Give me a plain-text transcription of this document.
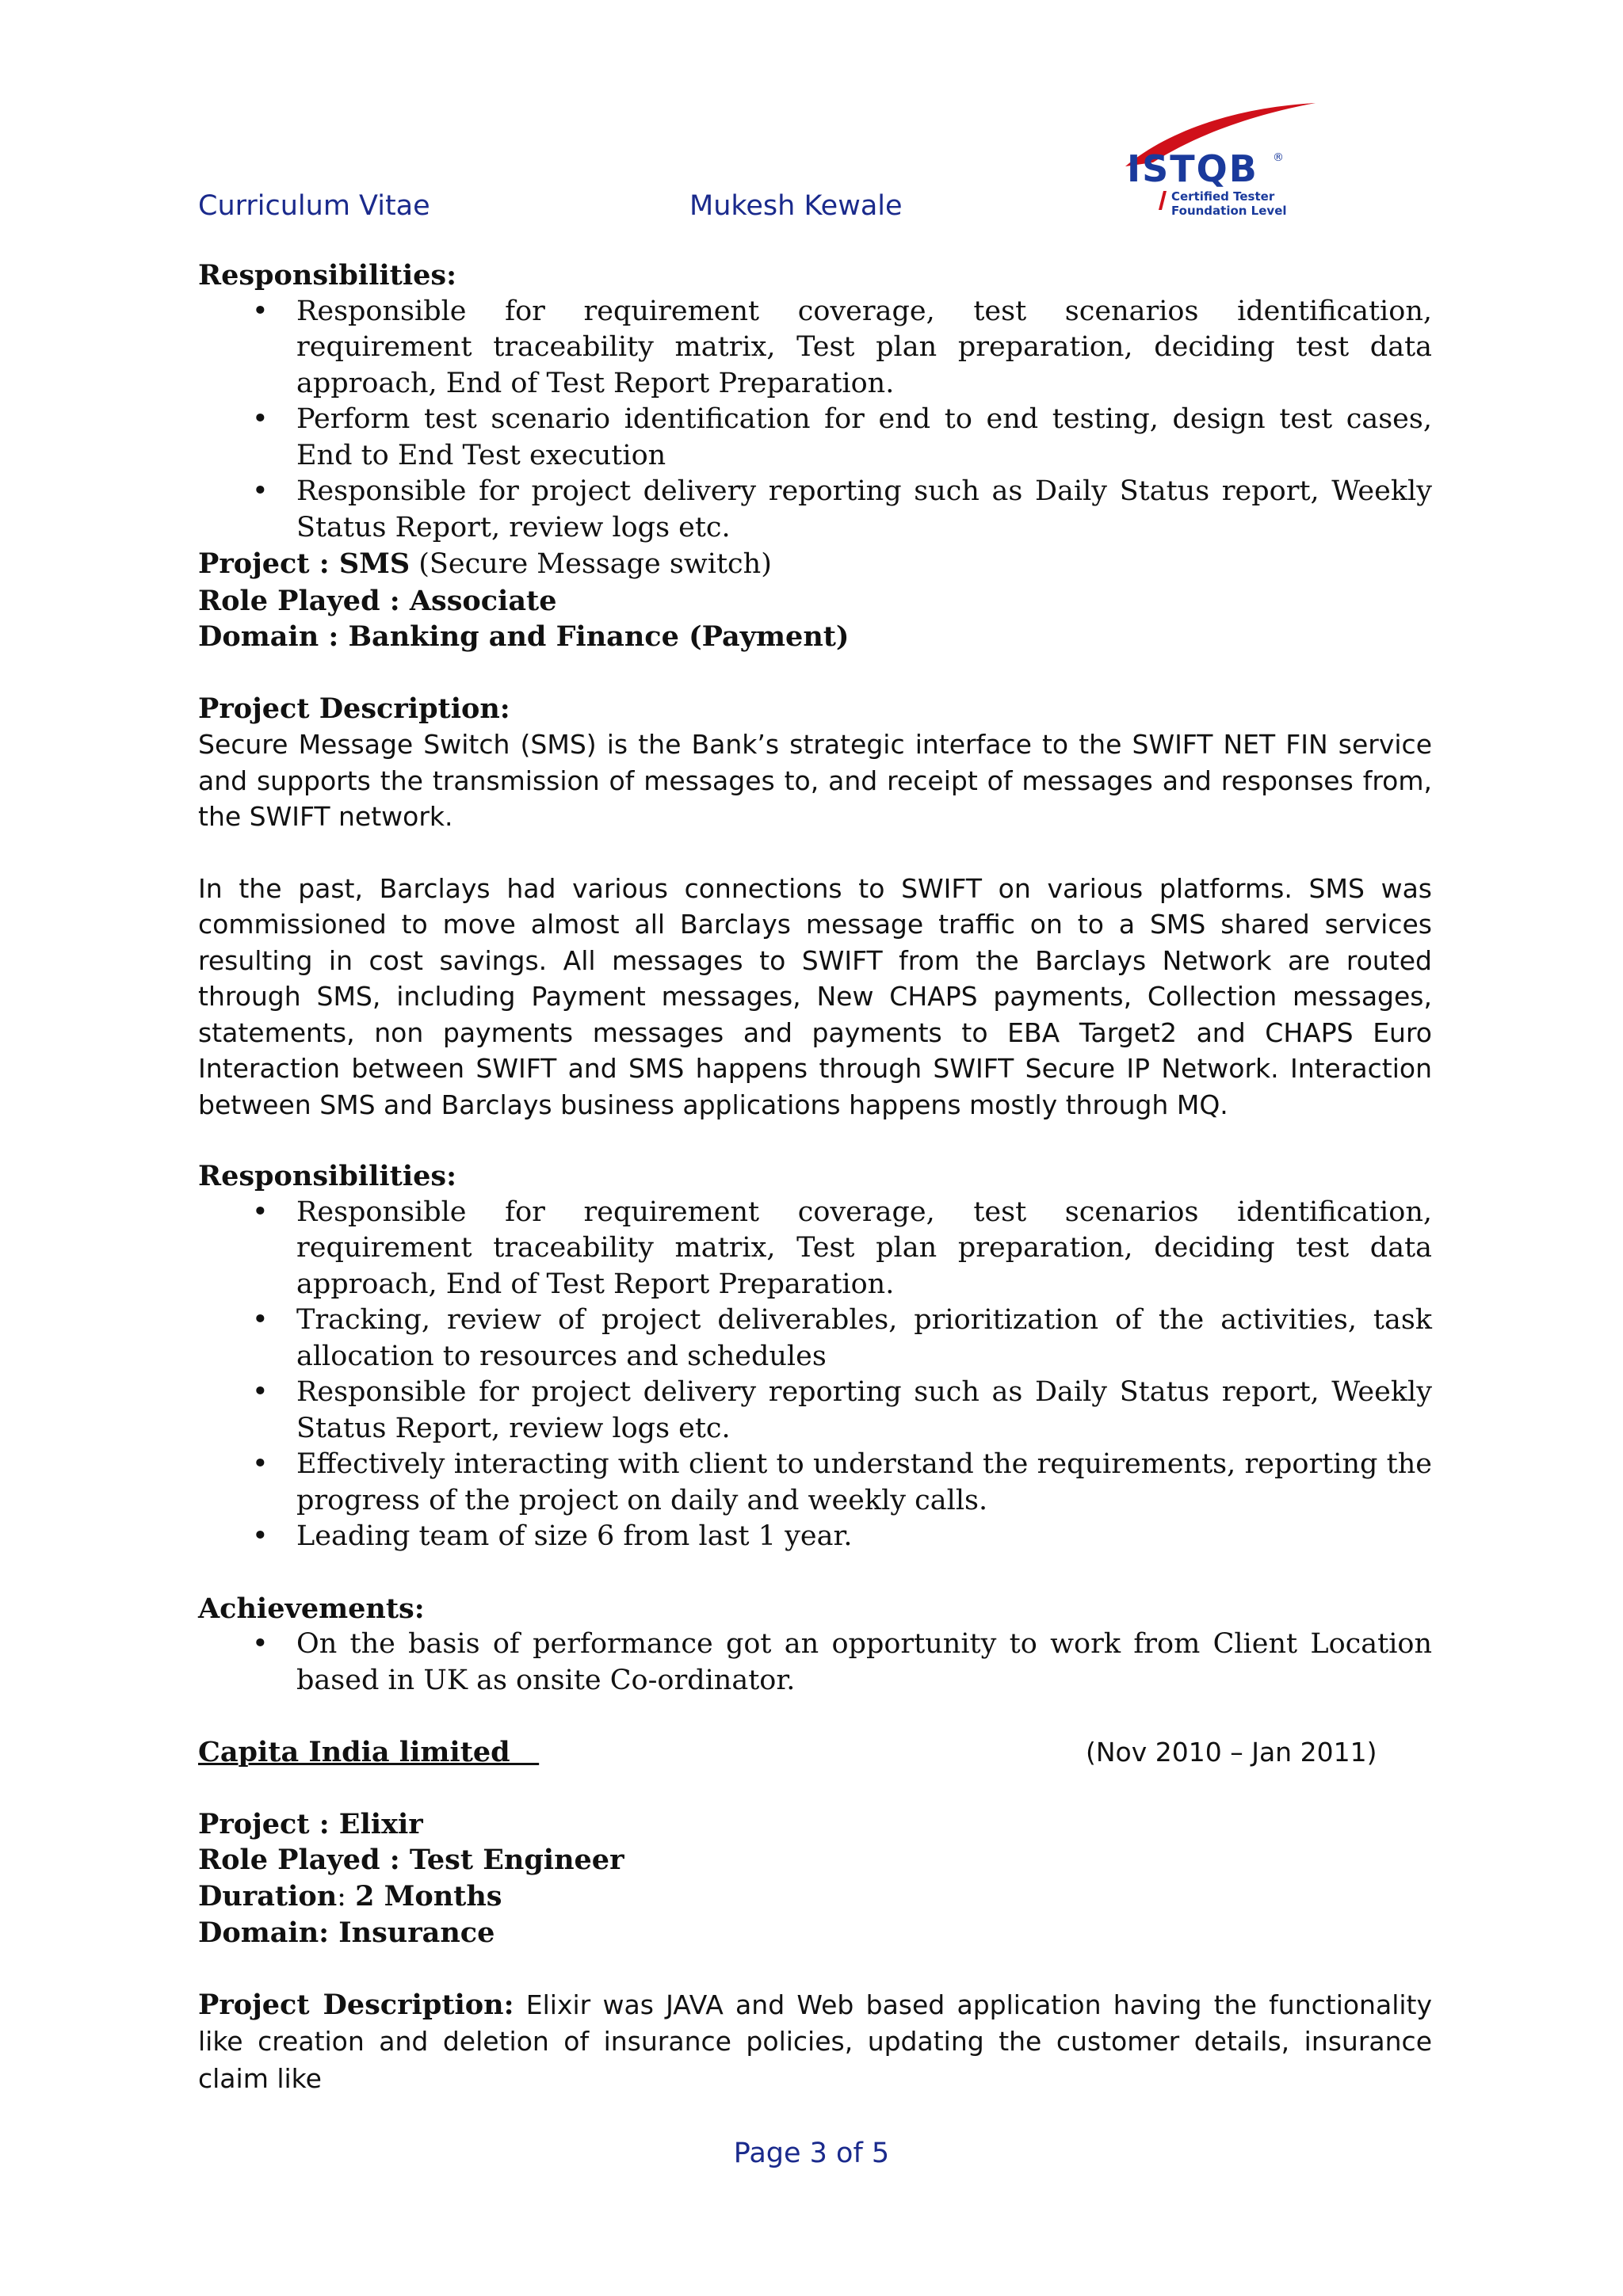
Curriculum Vitae	Mukesh Kewale
ISTQB ®
Certified Tester
Foundation Level

Responsibilities:

• Responsible for requirement coverage, test scenarios identification, requirement traceability matrix, Test plan preparation, deciding test data approach, End of Test Report Preparation.
• Perform test scenario identification for end to end testing, design test cases, End to End Test execution
• Responsible for project delivery reporting such as Daily Status report, Weekly Status Report, review logs etc.

Project : SMS (Secure Message switch)

Role Played : Associate

Domain : Banking and Finance (Payment)

Project Description:

Secure Message Switch (SMS) is the Bank’s strategic interface to the SWIFT NET FIN service and supports the transmission of messages to, and receipt of messages and responses from, the SWIFT network.

In the past, Barclays had various connections to SWIFT on various platforms. SMS was commissioned to move almost all Barclays message traffic on to a SMS shared services resulting in cost savings. All messages to SWIFT from the Barclays Network are routed through SMS, including Payment messages, New CHAPS payments, Collection messages, statements, non payments messages and payments to EBA Target2 and CHAPS Euro Interaction between SWIFT and SMS happens through SWIFT Secure IP Network. Interaction between SMS and Barclays business applications happens mostly through MQ.

Responsibilities:

• Responsible for requirement coverage, test scenarios identification, requirement traceability matrix, Test plan preparation, deciding test data approach, End of Test Report Preparation.
• Tracking, review of project deliverables, prioritization of the activities, task allocation to resources and schedules
• Responsible for project delivery reporting such as Daily Status report, Weekly Status Report, review logs etc.
• Effectively interacting with client to understand the requirements, reporting the progress of the project on daily and weekly calls.
• Leading team of size 6 from last 1 year.

Achievements:

• On the basis of performance got an opportunity to work from Client Location based in UK as onsite Co-ordinator.
Capita India limited	(Nov 2010 – Jan 2011)

Project : Elixir

Role Played : Test Engineer

Duration: 2 Months

Domain: Insurance

Project Description: Elixir was JAVA and Web based application having the functionality like creation and deletion of insurance policies, updating the customer details, insurance claim like

Page 3 of 5
